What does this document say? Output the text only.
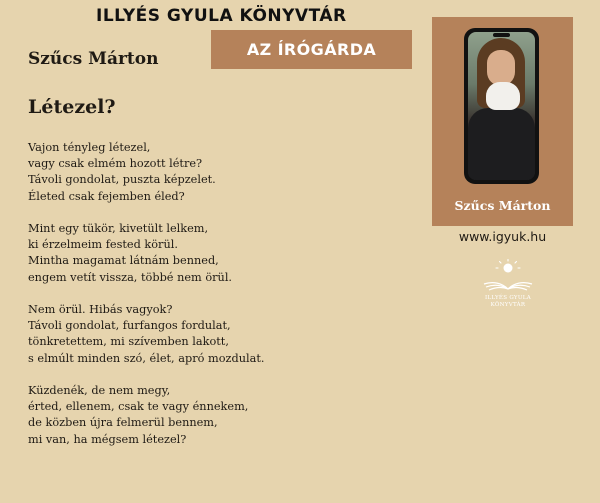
ILLYÉS GYULA KÖNYVTÁR
AZ ÍRÓGÁRDA
Szűcs Márton
Létezel?
Vajon tényleg létezel,
vagy csak elmém hozott létre?
Távoli gondolat, puszta képzelet.
Életed csak fejemben éled?
Mint egy tükör, kivetült lelkem,
ki érzelmeim fested körül.
Mintha magamat látnám benned,
engem vetít vissza, többé nem örül.
Nem örül. Hibás vagyok?
Távoli gondolat, furfangos fordulat,
tönkretettem, mi szívemben lakott,
s elmúlt minden szó, élet, apró mozdulat.
Küzdenék, de nem megy,
érted, ellenem, csak te vagy énnekem,
de közben újra felmerül bennem,
mi van, ha mégsem létezel?
Szűcs Márton
www.igyuk.hu
ILLYÉS GYULA
KÖNYVTÁR
